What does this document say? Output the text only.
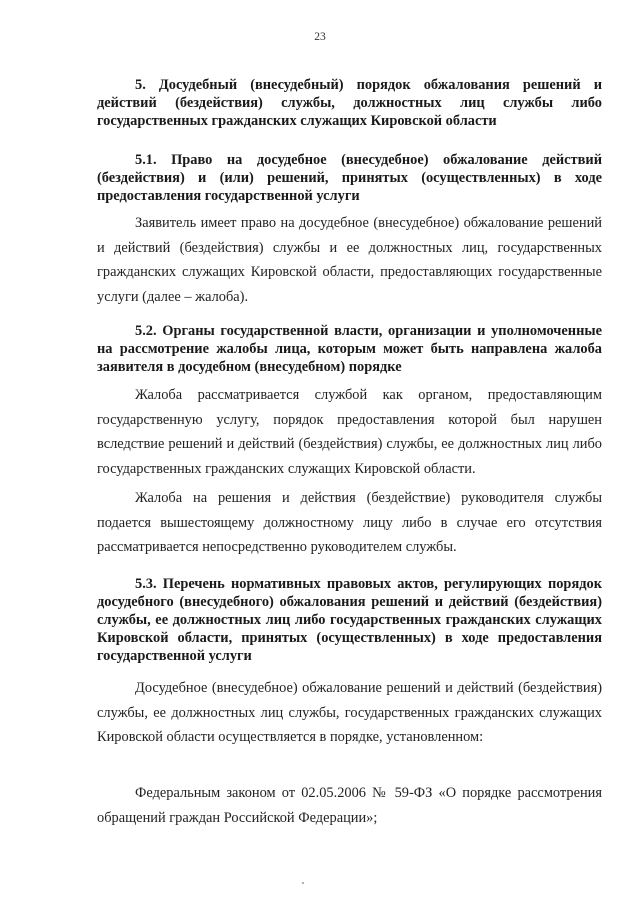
23

5. Досудебный (внесудебный) порядок обжалования решений и действий (бездействия) службы, должностных лиц службы либо государственных гражданских служащих Кировской области

5.1. Право на досудебное (внесудебное) обжалование действий (бездействия) и (или) решений, принятых (осуществленных) в ходе предоставления государственной услуги

Заявитель имеет право на досудебное (внесудебное) обжалование решений и действий (бездействия) службы и ее должностных лиц, государственных гражданских служащих Кировской области, предоставляющих государственные услуги (далее – жалоба).

5.2. Органы государственной власти, организации и уполномоченные на рассмотрение жалобы лица, которым может быть направлена жалоба заявителя в досудебном (внесудебном) порядке

Жалоба рассматривается службой как органом, предоставляющим государственную услугу, порядок предоставления которой был нарушен вследствие решений и действий (бездействия) службы, ее должностных лиц либо государственных гражданских служащих Кировской области.

Жалоба на решения и действия (бездействие) руководителя службы подается вышестоящему должностному лицу либо в случае его отсутствия рассматривается непосредственно руководителем службы.

5.3. Перечень нормативных правовых актов, регулирующих порядок досудебного (внесудебного) обжалования решений и действий (бездействия) службы, ее должностных лиц либо государственных гражданских служащих Кировской области, принятых (осуществленных) в ходе предоставления государственной услуги

Досудебное (внесудебное) обжалование решений и действий (бездействия) службы, ее должностных лиц службы, государственных гражданских служащих Кировской области осуществляется в порядке, установленном:

Федеральным законом от 02.05.2006 № 59-ФЗ «О порядке рассмотрения обращений граждан Российской Федерации»;
